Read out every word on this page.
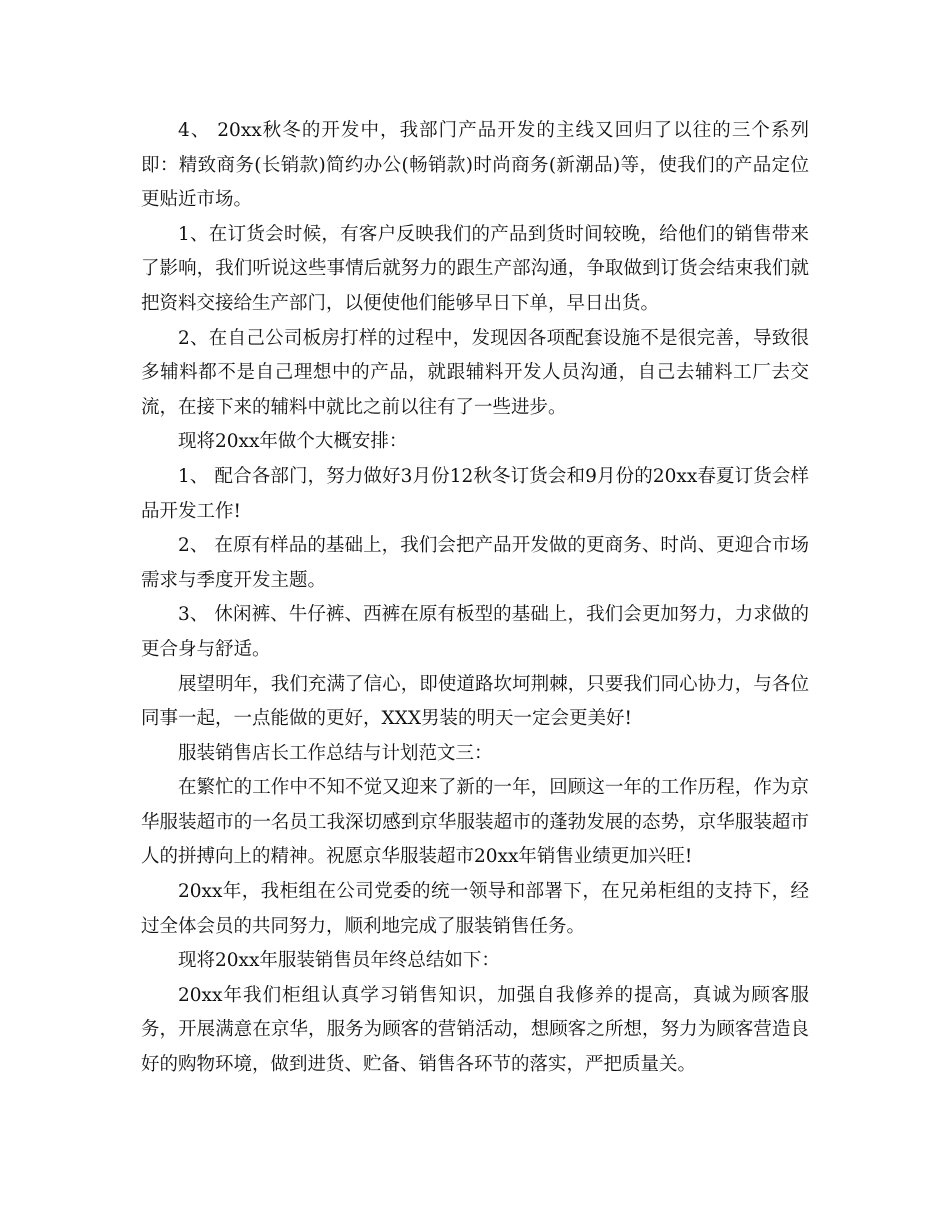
4、 20xx秋冬的开发中，我部门产品开发的主线又回归了以往的三个系列即：精致商务(长销款)简约办公(畅销款)时尚商务(新潮品)等，使我们的产品定位更贴近市场。

1、在订货会时候，有客户反映我们的产品到货时间较晚，给他们的销售带来了影响，我们听说这些事情后就努力的跟生产部沟通，争取做到订货会结束我们就把资料交接给生产部门，以便使他们能够早日下单，早日出货。

2、在自己公司板房打样的过程中，发现因各项配套设施不是很完善，导致很多辅料都不是自己理想中的产品，就跟辅料开发人员沟通，自己去辅料工厂去交流，在接下来的辅料中就比之前以往有了一些进步。

现将20xx年做个大概安排：

1、 配合各部门，努力做好3月份12秋冬订货会和9月份的20xx春夏订货会样品开发工作!

2、 在原有样品的基础上，我们会把产品开发做的更商务、时尚、更迎合市场需求与季度开发主题。

3、 休闲裤、牛仔裤、西裤在原有板型的基础上，我们会更加努力，力求做的更合身与舒适。

展望明年，我们充满了信心，即使道路坎坷荆棘，只要我们同心协力，与各位同事一起，一点能做的更好，XXX男装的明天一定会更美好!

服装销售店长工作总结与计划范文三：

在繁忙的工作中不知不觉又迎来了新的一年，回顾这一年的工作历程，作为京华服装超市的一名员工我深切感到京华服装超市的蓬勃发展的态势，京华服装超市人的拼搏向上的精神。祝愿京华服装超市20xx年销售业绩更加兴旺!

20xx年，我柜组在公司党委的统一领导和部署下，在兄弟柜组的支持下，经过全体会员的共同努力，顺利地完成了服装销售任务。

现将20xx年服装销售员年终总结如下：

20xx年我们柜组认真学习销售知识，加强自我修养的提高，真诚为顾客服务，开展满意在京华，服务为顾客的营销活动，想顾客之所想，努力为顾客营造良好的购物环境，做到进货、贮备、销售各环节的落实，严把质量关。
